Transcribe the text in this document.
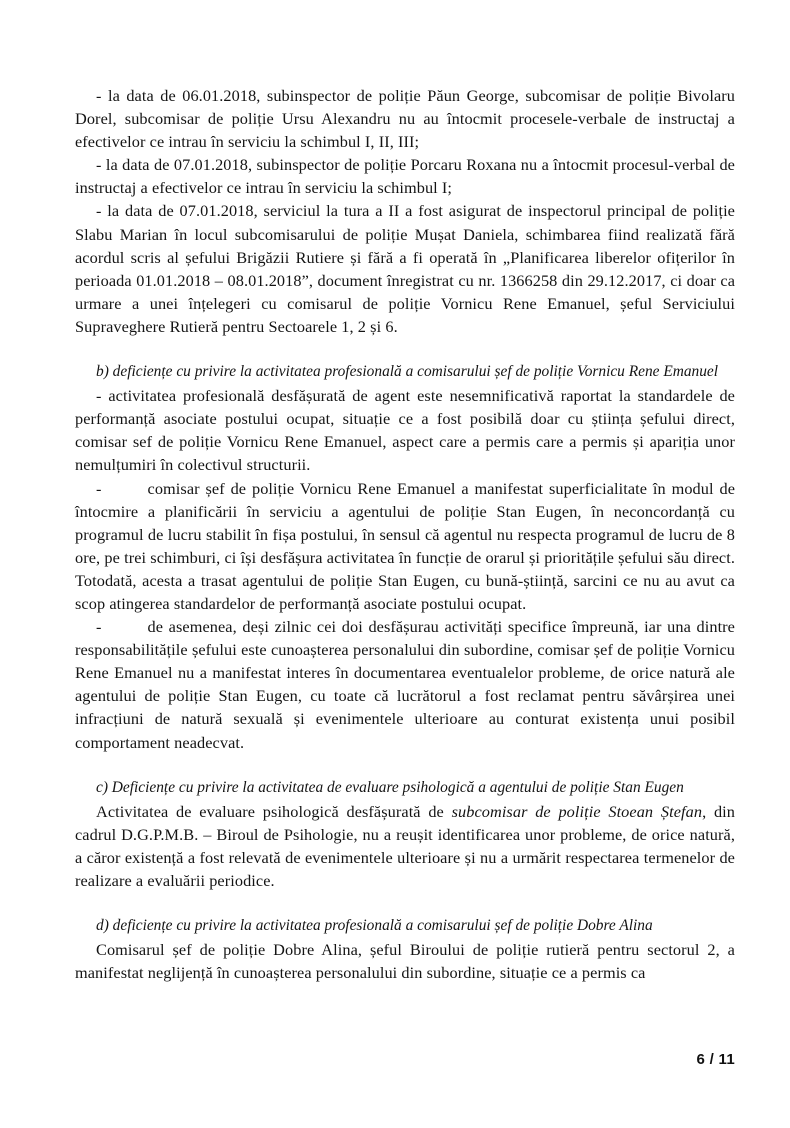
- la data de 06.01.2018, subinspector de poliție Păun George, subcomisar de poliție Bivolaru Dorel, subcomisar de poliție Ursu Alexandru nu au întocmit procesele-verbale de instructaj a efectivelor ce intrau în serviciu la schimbul I, II, III;

- la data de 07.01.2018, subinspector de poliție Porcaru Roxana nu a întocmit procesul-verbal de instructaj a efectivelor ce intrau în serviciu la schimbul I;

- la data de 07.01.2018, serviciul la tura a II a fost asigurat de inspectorul principal de poliție Slabu Marian în locul subcomisarului de poliție Mușat Daniela, schimbarea fiind realizată fără acordul scris al șefului Brigăzii Rutiere și fără a fi operată în „Planificarea liberelor ofițerilor în perioada 01.01.2018 – 08.01.2018”, document înregistrat cu nr. 1366258 din 29.12.2017, ci doar ca urmare a unei înțelegeri cu comisarul de poliție Vornicu Rene Emanuel, șeful Serviciului Supraveghere Rutieră pentru Sectoarele 1, 2 și 6.

b) deficiențe cu privire la activitatea profesională a comisarului șef de poliție Vornicu Rene Emanuel

- activitatea profesională desfășurată de agent este nesemnificativă raportat la standardele de performanță asociate postului ocupat, situație ce a fost posibilă doar cu știința șefului direct, comisar sef de poliție Vornicu Rene Emanuel, aspect care a permis care a permis și apariția unor nemulțumiri în colectivul structurii.

-	comisar șef de poliție Vornicu Rene Emanuel a manifestat superficialitate în modul de întocmire a planificării în serviciu a agentului de poliție Stan Eugen, în neconcordanță cu programul de lucru stabilit în fișa postului, în sensul că agentul nu respecta programul de lucru de 8 ore, pe trei schimburi, ci își desfășura activitatea în funcție de orarul și prioritățile șefului său direct. Totodată, acesta a trasat agentului de poliție Stan Eugen, cu bună-știință, sarcini ce nu au avut ca scop atingerea standardelor de performanță asociate postului ocupat.

-	de asemenea, deși zilnic cei doi desfășurau activități specifice împreună, iar una dintre responsabilitățile șefului este cunoașterea personalului din subordine, comisar șef de poliție Vornicu Rene Emanuel nu a manifestat interes în documentarea eventualelor probleme, de orice natură ale agentului de poliție Stan Eugen, cu toate că lucrătorul a fost reclamat pentru săvârșirea unei infracțiuni de natură sexuală și evenimentele ulterioare au conturat existența unui posibil comportament neadecvat.

c) Deficiențe cu privire la activitatea de evaluare psihologică a agentului de poliție Stan Eugen

Activitatea de evaluare psihologică desfășurată de subcomisar de poliție Stoean Ștefan, din cadrul D.G.P.M.B. – Biroul de Psihologie, nu a reușit identificarea unor probleme, de orice natură, a căror existență a fost relevată de evenimentele ulterioare și nu a urmărit respectarea termenelor de realizare a evaluării periodice.

d) deficiențe cu privire la activitatea profesională a comisarului șef de poliție Dobre Alina

Comisarul șef de poliție Dobre Alina, șeful Biroului de poliție rutieră pentru sectorul 2, a manifestat neglijență în cunoașterea personalului din subordine, situație ce a permis ca

6 / 11
